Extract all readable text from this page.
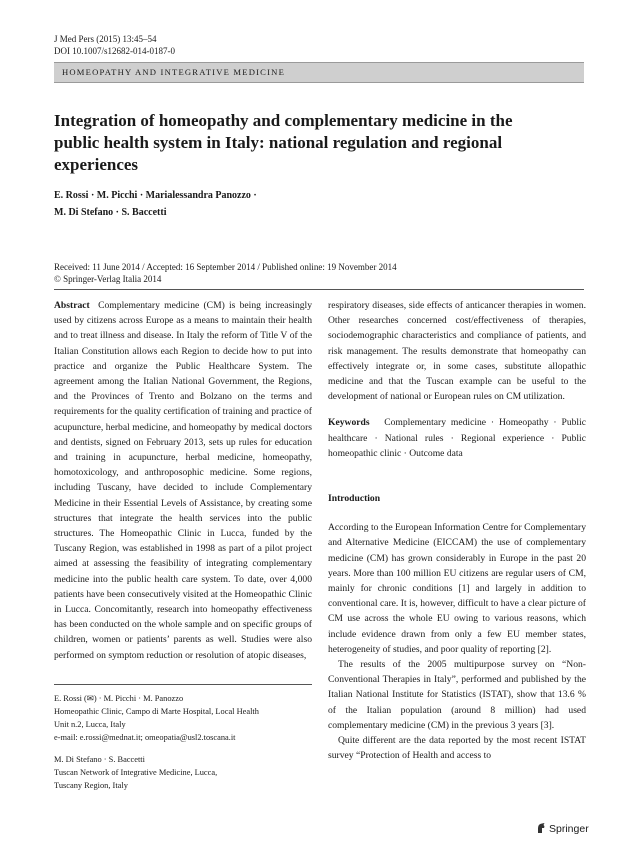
J Med Pers (2015) 13:45–54
DOI 10.1007/s12682-014-0187-0
HOMEOPATHY AND INTEGRATIVE MEDICINE
Integration of homeopathy and complementary medicine in the public health system in Italy: national regulation and regional experiences
E. Rossi · M. Picchi · Marialessandra Panozzo ·
M. Di Stefano · S. Baccetti
Received: 11 June 2014 / Accepted: 16 September 2014 / Published online: 19 November 2014
© Springer-Verlag Italia 2014

Abstract Complementary medicine (CM) is being increasingly used by citizens across Europe as a means to maintain their health and to treat illness and disease. In Italy the reform of Title V of the Italian Constitution allows each Region to decide how to put into practice and organize the Public Healthcare System. The agreement among the Italian National Government, the Regions, and the Provinces of Trento and Bolzano on the terms and requirements for the quality certification of training and practice of acupuncture, herbal medicine, and homeopathy by medical doctors and dentists, signed on February 2013, sets up rules for education and training in acupuncture, herbal medicine, homeopathy, homotoxicology, and anthroposophic medicine. Some regions, including Tuscany, have decided to include Complementary Medicine in their Essential Levels of Assistance, by creating some structures that integrate the health services into the public structures. The Homeopathic Clinic in Lucca, funded by the Tuscany Region, was established in 1998 as part of a pilot project aimed at assessing the feasibility of integrating complementary medicine into the public health care system. To date, over 4,000 patients have been consecutively visited at the Homeopathic Clinic in Lucca. Concomitantly, research into homeopathy effectiveness has been conducted on the whole sample and on specific groups of children, women or patients’ parents as well. Studies were also performed on symptom reduction or resolution of atopic diseases,

E. Rossi (✉) · M. Picchi · M. Panozzo

Homeopathic Clinic, Campo di Marte Hospital, Local Health

Unit n.2, Lucca, Italy

e-mail: e.rossi@mednat.it; omeopatia@usl2.toscana.it

M. Di Stefano · S. Baccetti

Tuscan Network of Integrative Medicine, Lucca,

Tuscany Region, Italy

respiratory diseases, side effects of anticancer therapies in women. Other researches concerned cost/effectiveness of therapies, sociodemographic characteristics and compliance of patients, and risk management. The results demonstrate that homeopathy can effectively integrate or, in some cases, substitute allopathic medicine and that the Tuscan example can be useful to the development of national or European rules on CM utilization.

Keywords Complementary medicine · Homeopathy · Public healthcare · National rules · Regional experience · Public homeopathic clinic · Outcome data

Introduction

According to the European Information Centre for Complementary and Alternative Medicine (EICCAM) the use of complementary medicine (CM) has grown considerably in Europe in the past 20 years. More than 100 million EU citizens are regular users of CM, mainly for chronic conditions [1] and largely in addition to conventional care. It is, however, difficult to have a clear picture of CM use across the whole EU owing to various reasons, which include evidence drawn from only a few EU member states, heterogeneity of studies, and poor quality of reporting [2].

The results of the 2005 multipurpose survey on “Non-Conventional Therapies in Italy”, performed and published by the Italian National Institute for Statistics (ISTAT), show that 13.6 % of the Italian population (around 8 million) had used complementary medicine (CM) in the previous 3 years [3].

Quite different are the data reported by the most recent ISTAT survey “Protection of Health and access to

Springer
